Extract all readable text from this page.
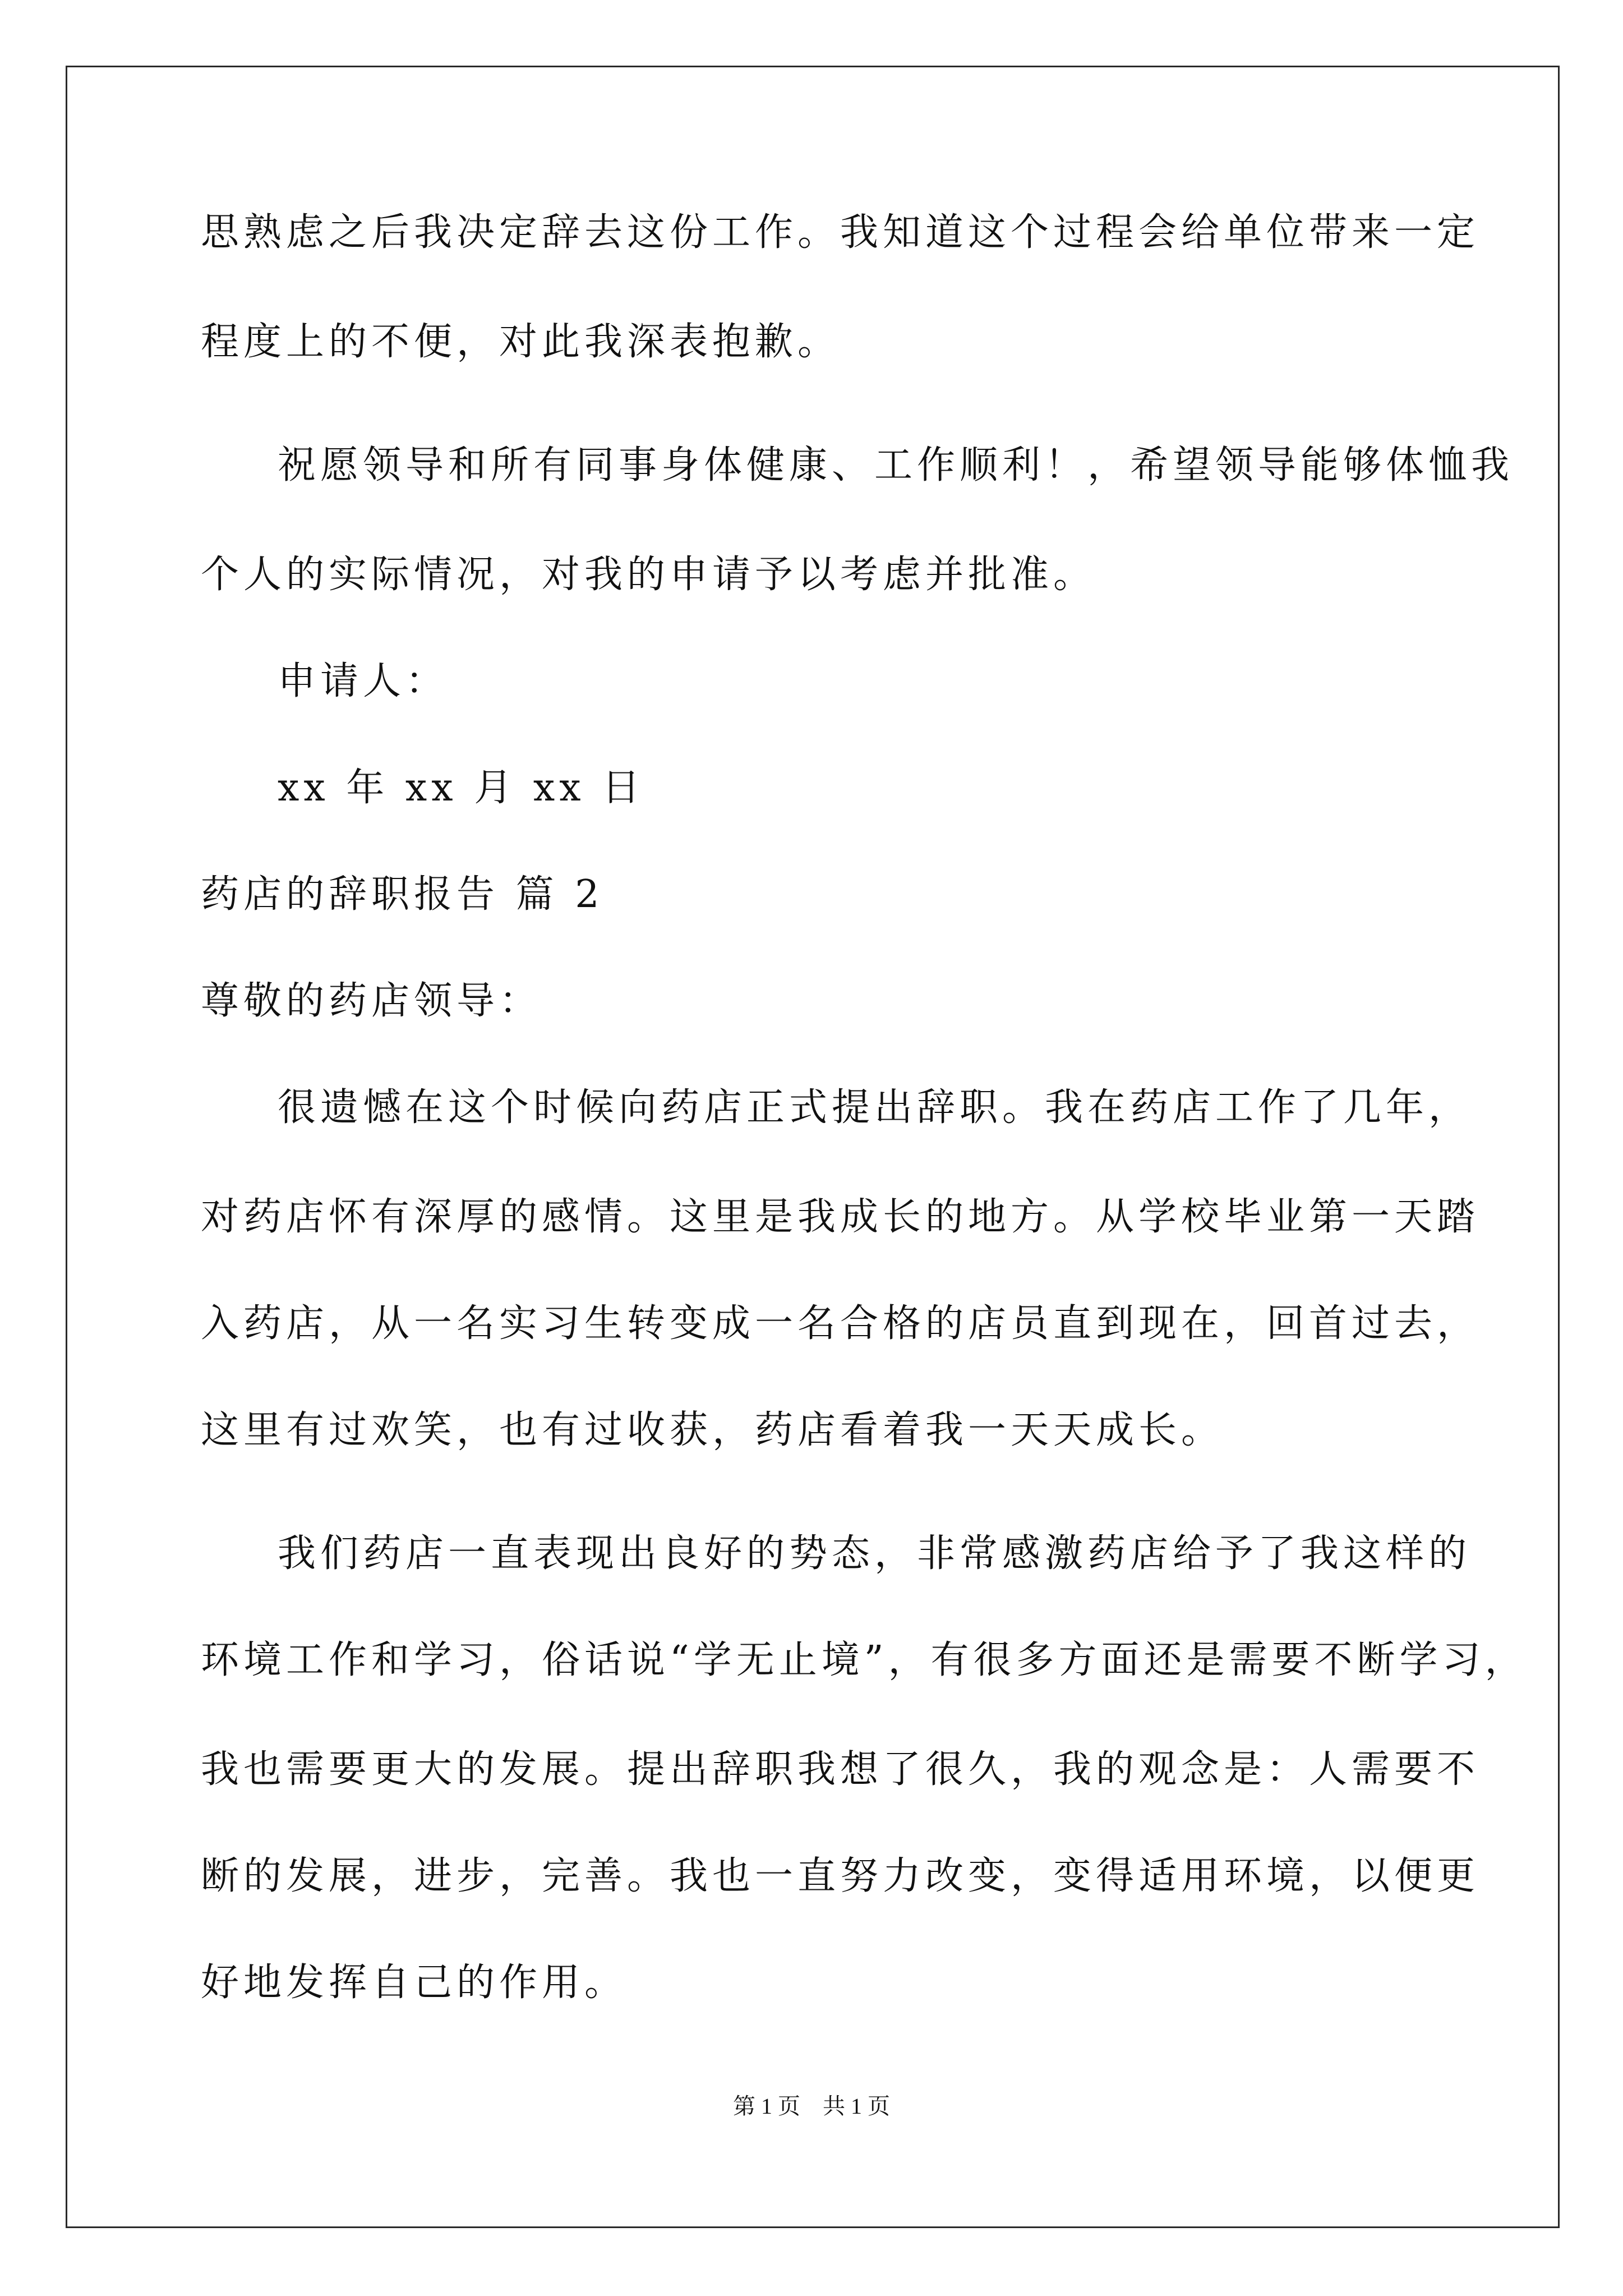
思熟虑之后我决定辞去这份工作。我知道这个过程会给单位带来一定
程度上的不便，对此我深表抱歉。
祝愿领导和所有同事身体健康、工作顺利！，希望领导能够体恤我
个人的实际情况，对我的申请予以考虑并批准。
申请人：
xx 年 xx 月 xx 日
药店的辞职报告 篇 2
尊敬的药店领导：
很遗憾在这个时候向药店正式提出辞职。我在药店工作了几年，
对药店怀有深厚的感情。这里是我成长的地方。从学校毕业第一天踏
入药店，从一名实习生转变成一名合格的店员直到现在，回首过去，
这里有过欢笑，也有过收获，药店看着我一天天成长。
我们药店一直表现出良好的势态，非常感激药店给予了我这样的
环境工作和学习，俗话说“学无止境”，有很多方面还是需要不断学习，
我也需要更大的发展。提出辞职我想了很久，我的观念是：人需要不
断的发展，进步，完善。我也一直努力改变，变得适用环境，以便更
好地发挥自己的作用。
第 1 页    共 1 页
